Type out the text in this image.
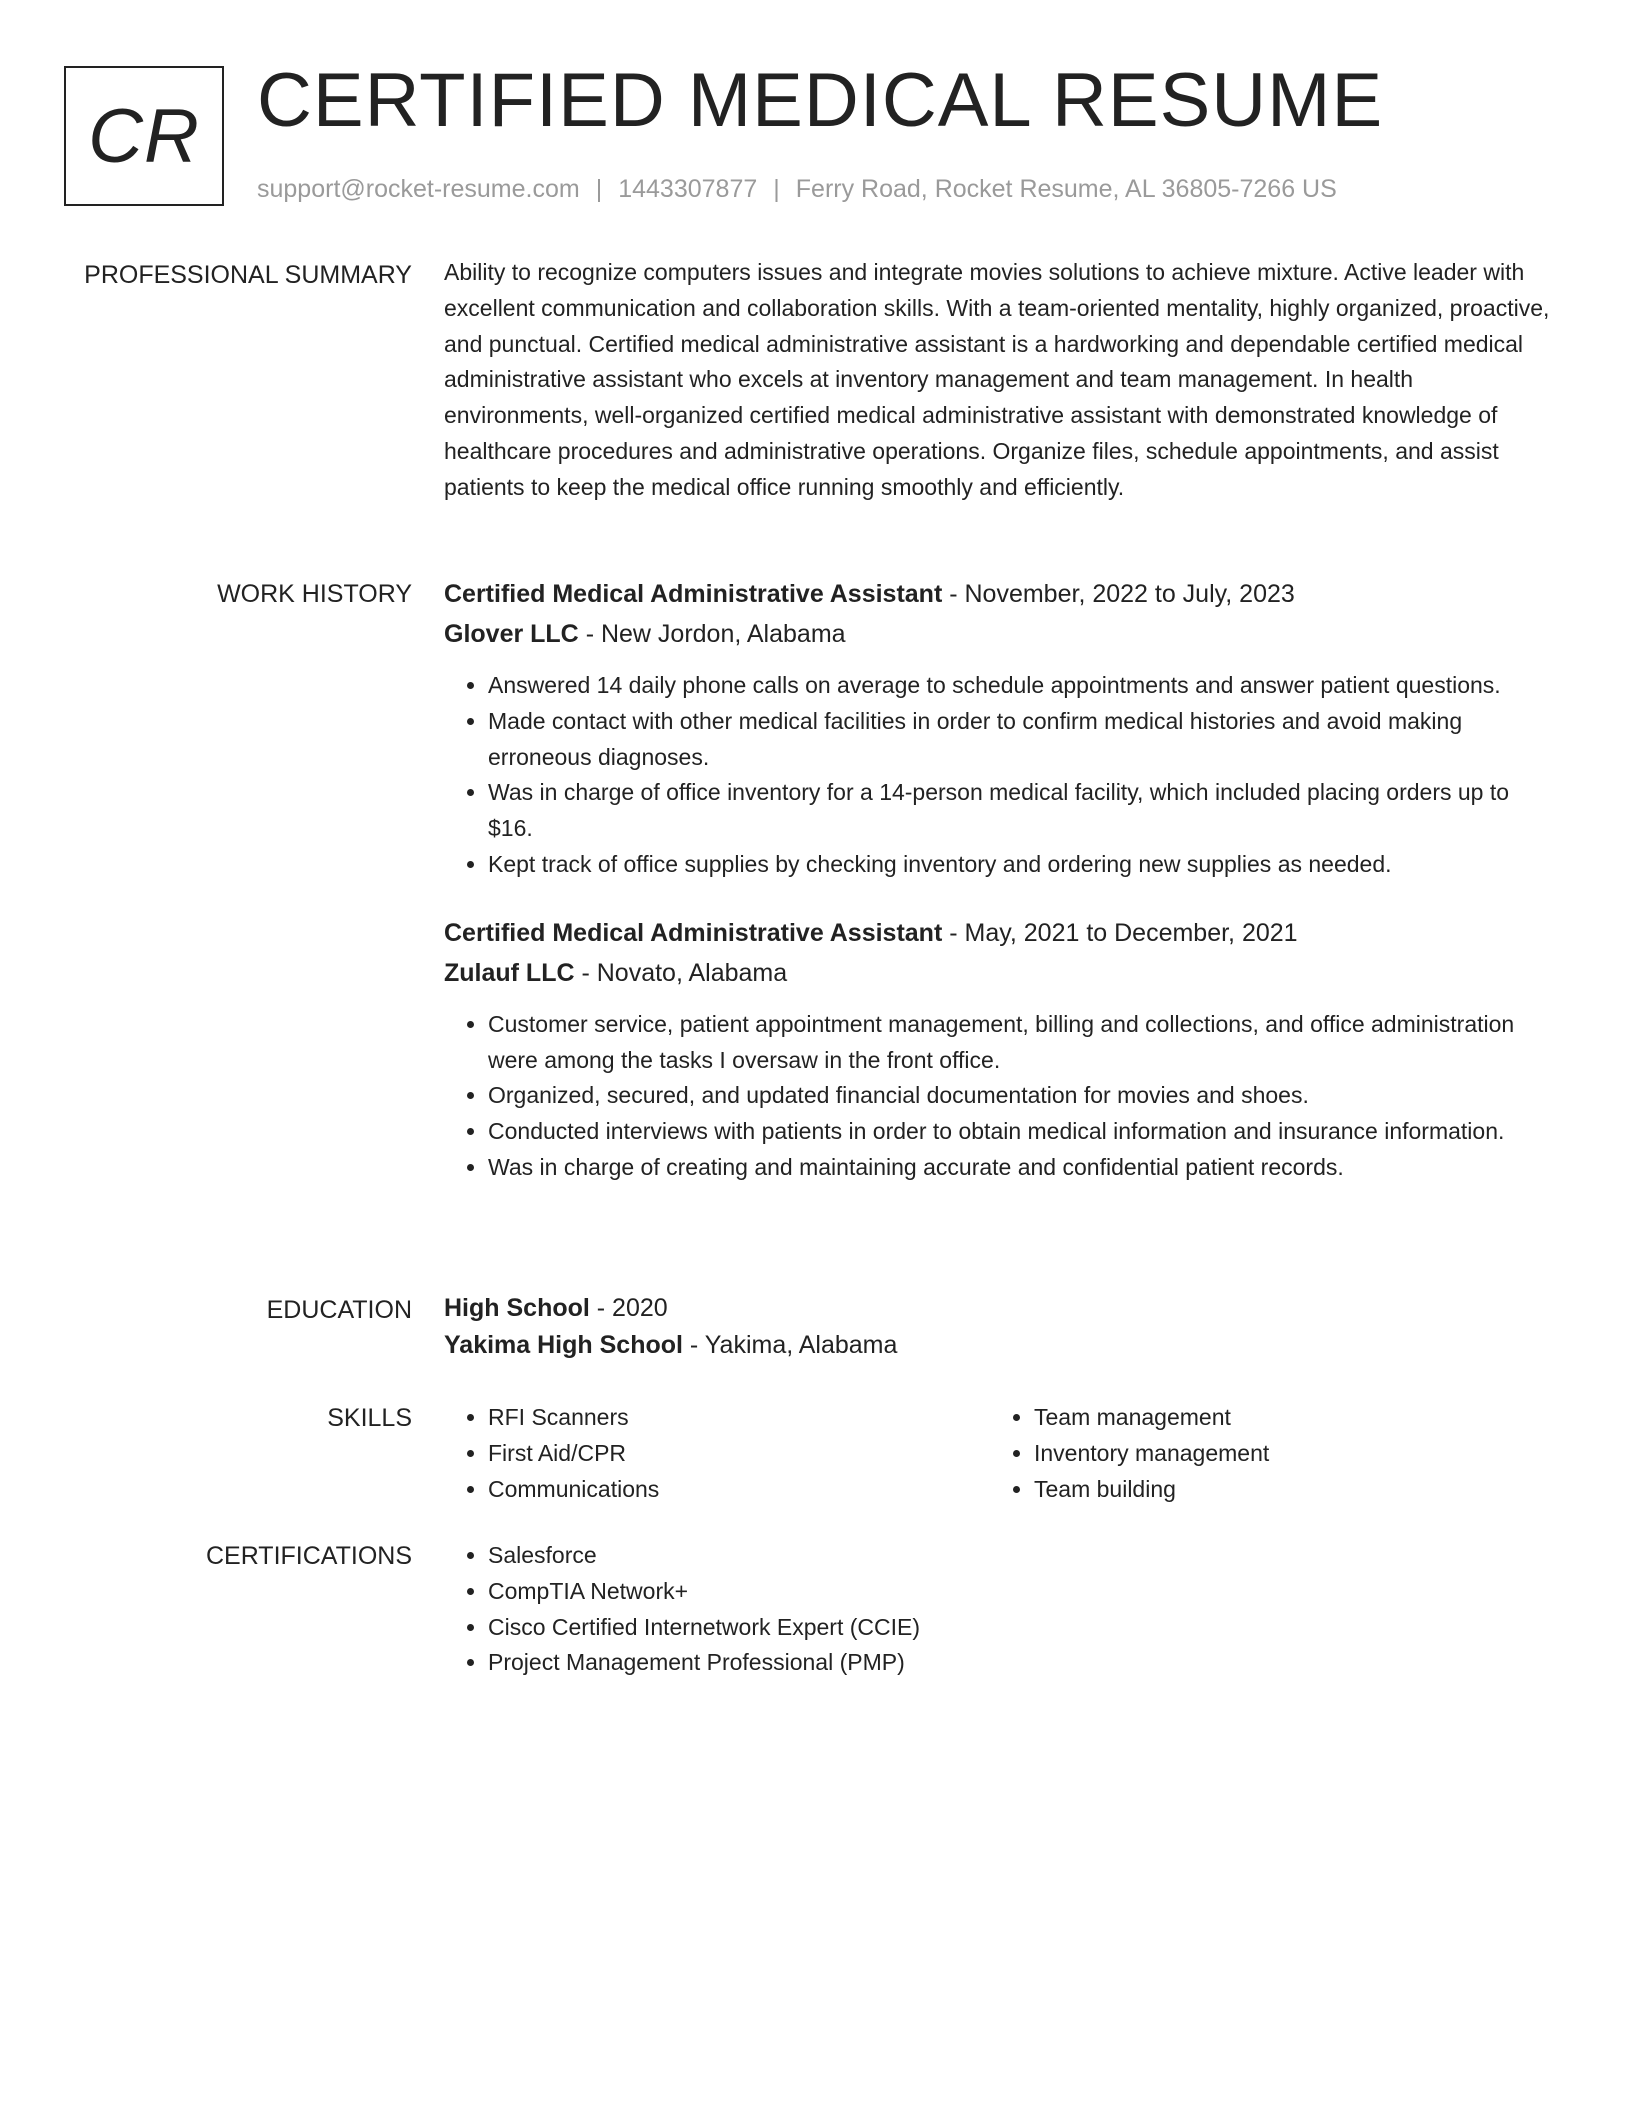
CR CERTIFIED MEDICAL RESUME
support@rocket-resume.com | 1443307877 | Ferry Road, Rocket Resume, AL 36805-7266 US
PROFESSIONAL SUMMARY Ability to recognize computers issues and integrate movies solutions to achieve mixture. Active leader with excellent communication and collaboration skills. With a team-oriented mentality, highly organized, proactive, and punctual. Certified medical administrative assistant is a hardworking and dependable certified medical administrative assistant who excels at inventory management and team management. In health environments, well-organized certified medical administrative assistant with demonstrated knowledge of healthcare procedures and administrative operations. Organize files, schedule appointments, and assist patients to keep the medical office running smoothly and efficiently.

WORK HISTORY Certified Medical Administrative Assistant - November, 2022 to July, 2023
Glover LLC - New Jordon, Alabama
• Answered 14 daily phone calls on average to schedule appointments and answer patient questions.
• Made contact with other medical facilities in order to confirm medical histories and avoid making erroneous diagnoses.
• Was in charge of office inventory for a 14-person medical facility, which included placing orders up to $16.
• Kept track of office supplies by checking inventory and ordering new supplies as needed.
Certified Medical Administrative Assistant - May, 2021 to December, 2021
Zulauf LLC - Novato, Alabama
• Customer service, patient appointment management, billing and collections, and office administration were among the tasks I oversaw in the front office.
• Organized, secured, and updated financial documentation for movies and shoes.
• Conducted interviews with patients in order to obtain medical information and insurance information.
• Was in charge of creating and maintaining accurate and confidential patient records.
EDUCATION High School - 2020
Yakima High School - Yakima, Alabama
SKILLS	• RFI Scanners
• First Aid/CPR
• Communications
• Team management
• Inventory management
• Team building
CERTIFICATIONS	• Salesforce
• CompTIA Network+
• Cisco Certified Internetwork Expert (CCIE)
• Project Management Professional (PMP)
